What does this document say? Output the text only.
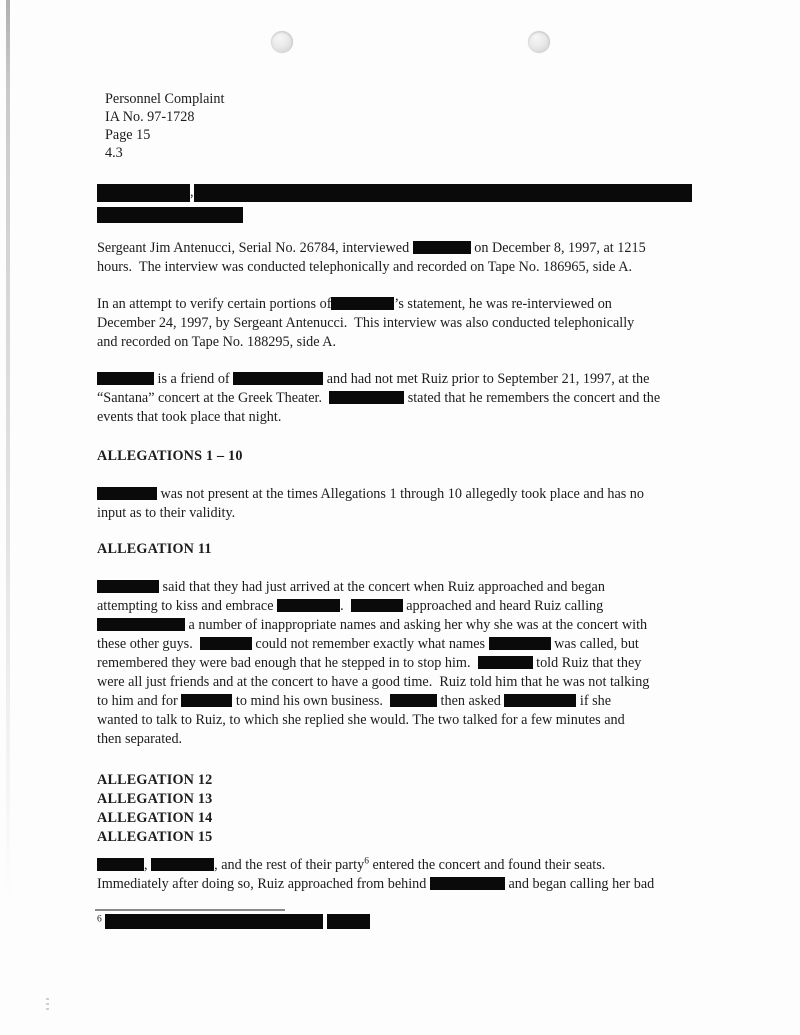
Personnel Complaint
IA No. 97-1728
Page 15
4.3
,
Sergeant Jim Antenucci, Serial No. 26784, interviewed	on December 8, 1997, at 1215
hours.  The interview was conducted telephonically and recorded on Tape No. 186965, side A.
In an attempt to verify certain portions of	’s statement, he was re-interviewed on
December 24, 1997, by Sergeant Antenucci.  This interview was also conducted telephonically
and recorded on Tape No. 188295, side A.
is a friend of	and had not met Ruiz prior to September 21, 1997, at the
“Santana” concert at the Greek Theater.	stated that he remembers the concert and the
events that took place that night.
ALLEGATIONS 1 – 10
was not present at the times Allegations 1 through 10 allegedly took place and has no
input as to their validity.
ALLEGATION 11
said that they had just arrived at the concert when Ruiz approached and began
attempting to kiss and embrace	.	approached and heard Ruiz calling
a number of inappropriate names and asking her why she was at the concert with
these other guys.	could not remember exactly what names	was called, but
remembered they were bad enough that he stepped in to stop him.	told Ruiz that they
were all just friends and at the concert to have a good time.  Ruiz told him that he was not talking
to him and for	to mind his own business.	then asked	if she
wanted to talk to Ruiz, to which she replied she would. The two talked for a few minutes and
then separated.
ALLEGATION 12
ALLEGATION 13
ALLEGATION 14
ALLEGATION 15
,	, and the rest of their party$^6$ entered the concert and found their seats.
Immediately after doing so, Ruiz approached from behind	and began calling her bad
$^6$
